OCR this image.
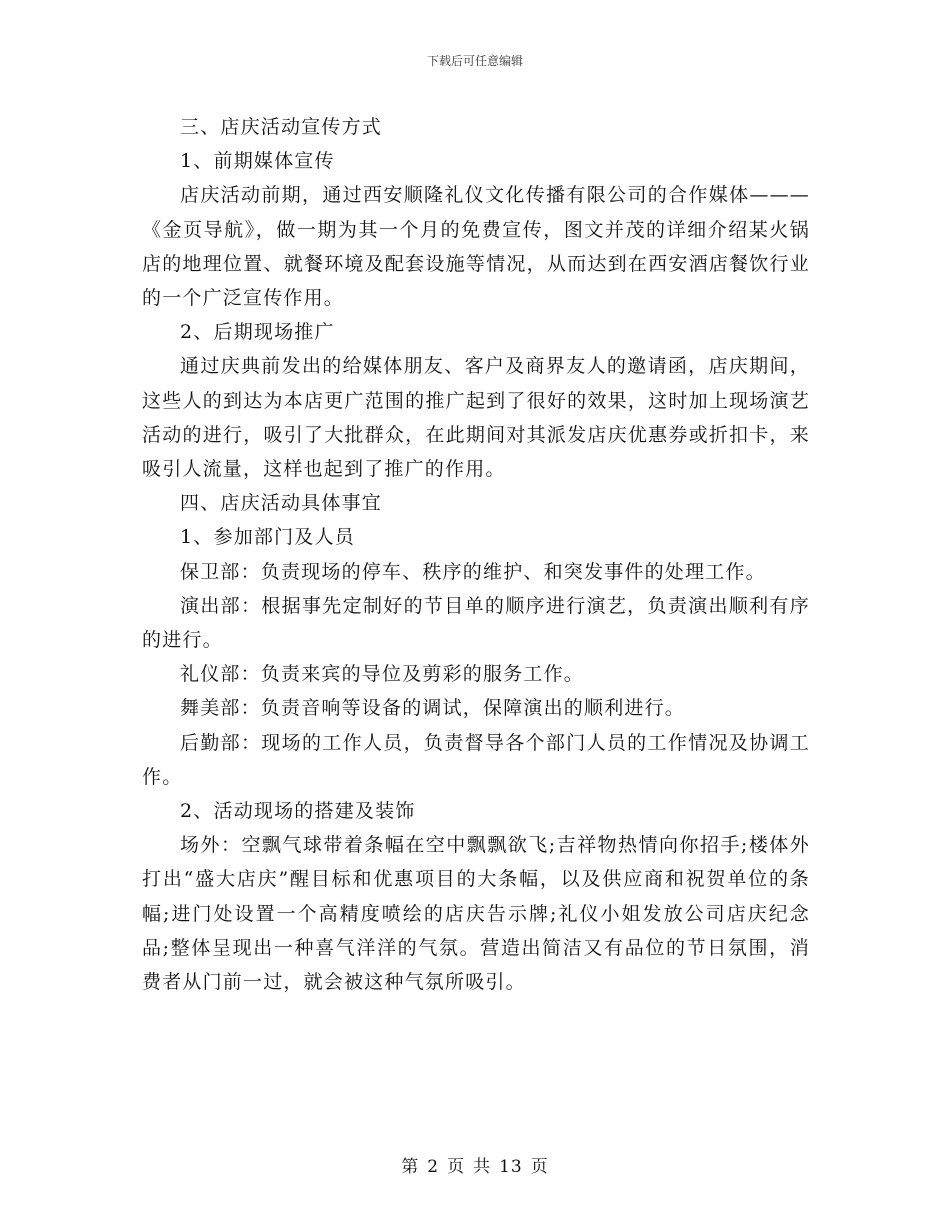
下载后可任意编辑

三、店庆活动宣传方式

1、前期媒体宣传

店庆活动前期，通过西安顺隆礼仪文化传播有限公司的合作媒体———《金页导航》，做一期为其一个月的免费宣传，图文并茂的详细介绍某火锅店的地理位置、就餐环境及配套设施等情况，从而达到在西安酒店餐饮行业的一个广泛宣传作用。

2、后期现场推广

通过庆典前发出的给媒体朋友、客户及商界友人的邀请函，店庆期间，这些人的到达为本店更广范围的推广起到了很好的效果，这时加上现场演艺活动的进行，吸引了大批群众，在此期间对其派发店庆优惠券或折扣卡，来吸引人流量，这样也起到了推广的作用。

四、店庆活动具体事宜

1、参加部门及人员

保卫部：负责现场的停车、秩序的维护、和突发事件的处理工作。

演出部：根据事先定制好的节目单的顺序进行演艺，负责演出顺利有序的进行。

礼仪部：负责来宾的导位及剪彩的服务工作。

舞美部：负责音响等设备的调试，保障演出的顺利进行。

后勤部：现场的工作人员，负责督导各个部门人员的工作情况及协调工作。

2、活动现场的搭建及装饰

场外：空飘气球带着条幅在空中飘飘欲飞;吉祥物热情向你招手;楼体外打出“盛大店庆”醒目标和优惠项目的大条幅，以及供应商和祝贺单位的条幅;进门处设置一个高精度喷绘的店庆告示牌;礼仪小姐发放公司店庆纪念品;整体呈现出一种喜气洋洋的气氛。营造出简洁又有品位的节日氛围，消费者从门前一过，就会被这种气氛所吸引。

第 2 页 共 13 页
